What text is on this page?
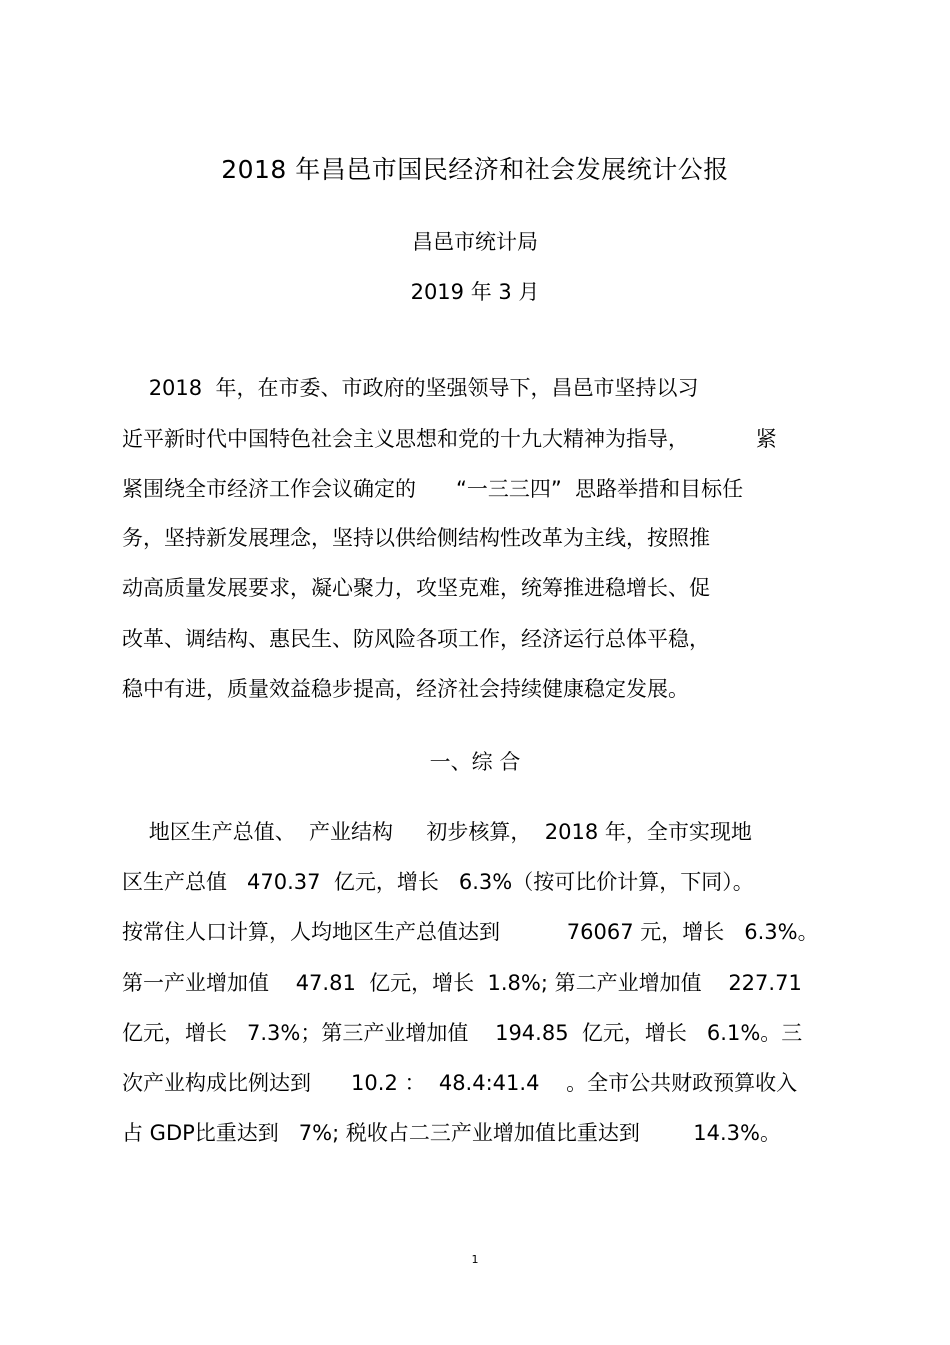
2018 年昌邑市国民经济和社会发展统计公报
昌邑市统计局
2019 年 3 月
2018  年，在市委、市政府的坚强领导下，昌邑市坚持以习
近平新时代中国特色社会主义思想和党的十九大精神为指导，          紧
紧围绕全市经济工作会议确定的      “一三三四”  思路举措和目标任
务，坚持新发展理念，坚持以供给侧结构性改革为主线，按照推
动高质量发展要求，凝心聚力，攻坚克难，统筹推进稳增长、促
改革、调结构、惠民生、防风险各项工作，经济运行总体平稳，
稳中有进，质量效益稳步提高，经济社会持续健康稳定发展。
一、综 合
地区生产总值、  产业结构     初步核算，  2018 年，全市实现地
区生产总值   470.37  亿元，增长   6.3%（按可比价计算，下同）。
按常住人口计算，人均地区生产总值达到          76067 元，增长   6.3%。
第一产业增加值    47.81  亿元，增长  1.8%; 第二产业增加值    227.71
亿元，增长   7.3%；第三产业增加值    194.85  亿元，增长   6.1%。三
次产业构成比例达到      10.2 ：  48.4:41.4    。全市公共财政预算收入
占 GDP比重达到   7%; 税收占二三产业增加值比重达到        14.3%。
1
